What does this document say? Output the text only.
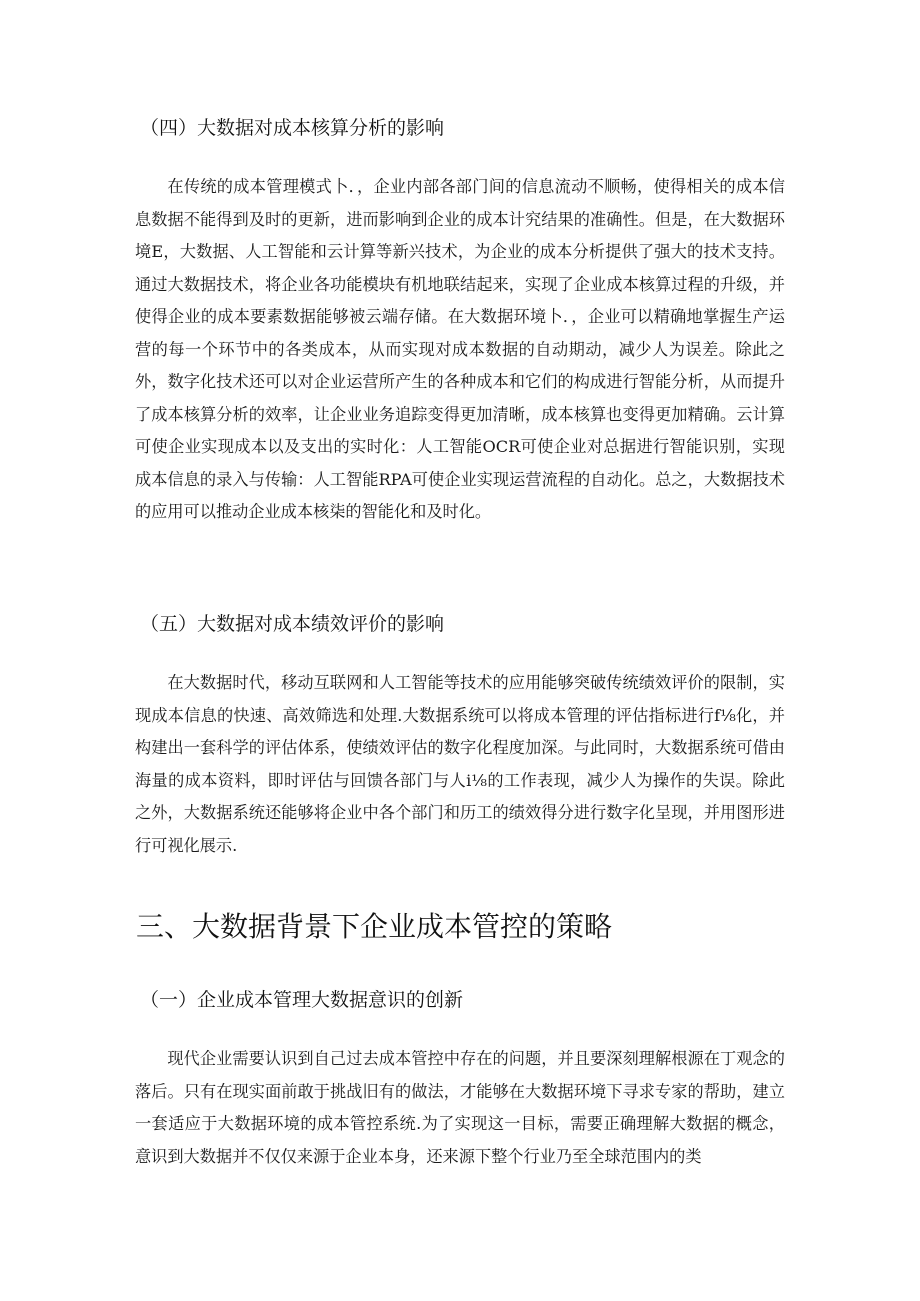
（四）大数据对成本核算分析的影响

在传统的成本管理模式卜．，企业内部各部门间的信息流动不顺畅，使得相关的成本信息数据不能得到及时的更新，进而影响到企业的成本计究结果的准确性。但是，在大数据环境E，大数据、人工智能和云计算等新兴技术，为企业的成本分析提供了强大的技术支持。通过大数据技术，将企业各功能模块有机地联结起来，实现了企业成本核算过程的升级，并使得企业的成本要素数据能够被云端存储。在大数据环境卜．，企业可以精确地掌握生产运营的每一个环节中的各类成本，从而实现对成本数据的自动期动，减少人为误差。除此之外，数字化技术还可以对企业运营所产生的各种成本和它们的构成进行智能分析，从而提升了成本核算分析的效率，让企业业务追踪变得更加清晰，成本核算也变得更加精确。云计算可使企业实现成本以及支出的实时化：人工智能OCR可使企业对总据进行智能识别，实现成本信息的录入与传输：人工智能RPA可使企业实现运营流程的自动化。总之，大数据技术的应用可以推动企业成本核柒的智能化和及时化。

（五）大数据对成本绩效评价的影响

在大数据时代，移动互联网和人工智能等技术的应用能够突破传统绩效评价的限制，实现成本信息的快速、高效筛选和处理.大数据系统可以将成本管理的评估指标进行f⅛化，并构建出一套科学的评估体系，使绩效评估的数字化程度加深。与此同时，大数据系统可借由海量的成本资料，即时评估与回馈各部门与人i⅛的工作表现，减少人为操作的失误。除此之外，大数据系统还能够将企业中各个部门和历工的绩效得分进行数字化呈现，并用图形进行可视化展示.

三、大数据背景下企业成本管控的策略
（一）企业成本管理大数据意识的创新

现代企业需要认识到自己过去成本管控中存在的问题，并且要深刻理解根源在丁观念的落后。只有在现实面前敢于挑战旧有的做法，才能够在大数据环境下寻求专家的帮助，建立一套适应于大数据环境的成本管控系统.为了实现这一目标，需要正确理解大数据的概念，意识到大数据并不仅仅来源于企业本身，还来源下整个行业乃至全球范围内的类
